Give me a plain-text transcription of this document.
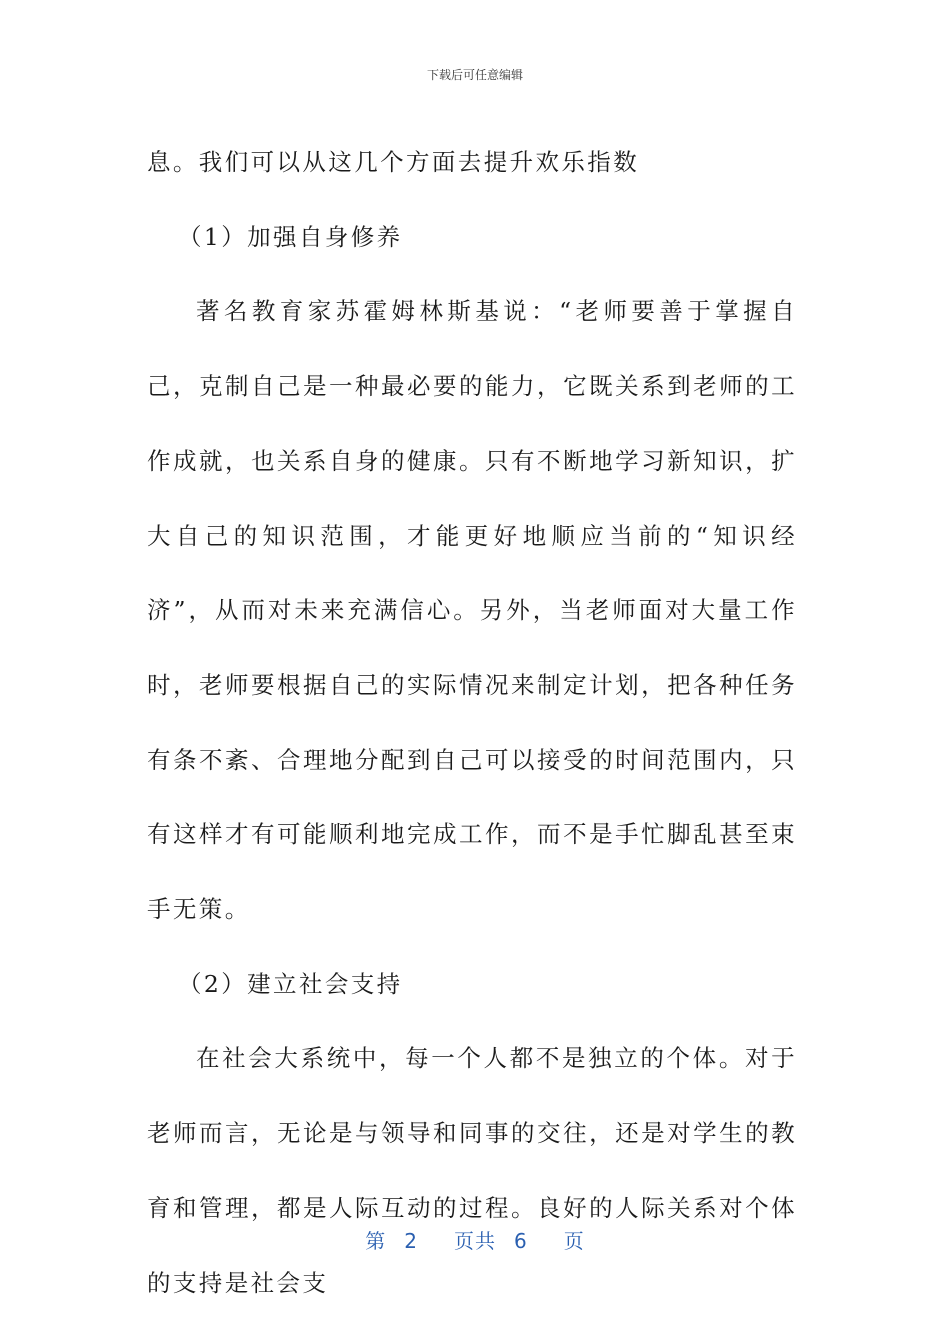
下载后可任意编辑

息。我们可以从这几个方面去提升欢乐指数

（1）加强自身修养

著名教育家苏霍姆林斯基说：“老师要善于掌握自己，克制自己是一种最必要的能力，它既关系到老师的工作成就，也关系自身的健康。只有不断地学习新知识，扩大自己的知识范围，才能更好地顺应当前的“知识经济”，从而对未来充满信心。另外，当老师面对大量工作时，老师要根据自己的实际情况来制定计划，把各种任务有条不紊、合理地分配到自己可以接受的时间范围内，只有这样才有可能顺利地完成工作，而不是手忙脚乱甚至束手无策。

（2）建立社会支持

在社会大系统中，每一个人都不是独立的个体。对于老师而言，无论是与领导和同事的交往，还是对学生的教育和管理，都是人际互动的过程。良好的人际关系对个体的支持是社会支

第 2 页共 6 页
